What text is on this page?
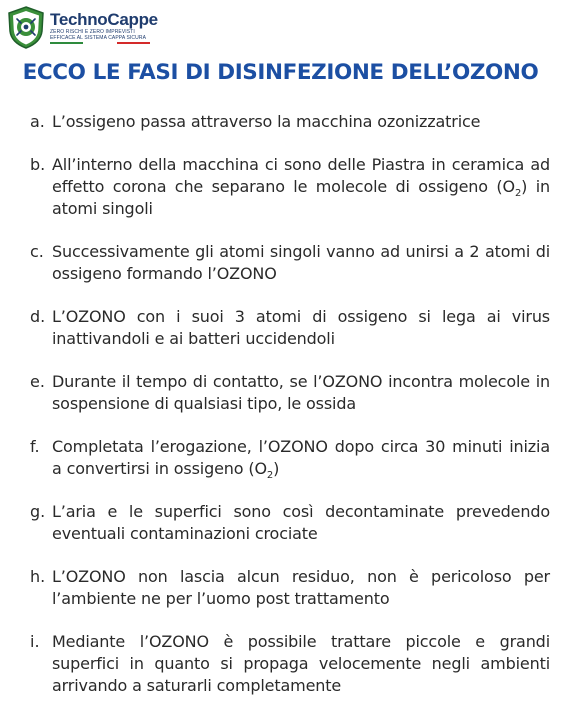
TechnoCappe
ZERO RISCHI E ZERO IMPREVISTI
EFFICACE AL SISTEMA CAPPA SICURA
ECCO LE FASI DI DISINFEZIONE DELL’OZONO
a. L’ossigeno passa attraverso la macchina ozonizzatrice
b. All’interno della macchina ci sono delle Piastra in ceramica ad effetto corona che separano le molecole di ossigeno $(O_2)$ in atomi singoli
c. Successivamente gli atomi singoli vanno ad unirsi a 2 atomi di ossigeno formando l’OZONO
d. L’OZONO con i suoi 3 atomi di ossigeno si lega ai virus inattivandoli e ai batteri uccidendoli
e. Durante il tempo di contatto, se l’OZONO incontra molecole in sospensione di qualsiasi tipo, le ossida
f. Completata l’erogazione, l’OZONO dopo circa 30 minuti inizia a convertirsi in ossigeno $(O_2)$
g. L’aria e le superfici sono così decontaminate prevedendo eventuali contaminazioni crociate
h. L’OZONO non lascia alcun residuo, non è pericoloso per l’ambiente ne per l’uomo post trattamento
i. Mediante l’OZONO è possibile trattare piccole e grandi superfici in quanto si propaga velocemente negli ambienti arrivando a saturarli completamente
